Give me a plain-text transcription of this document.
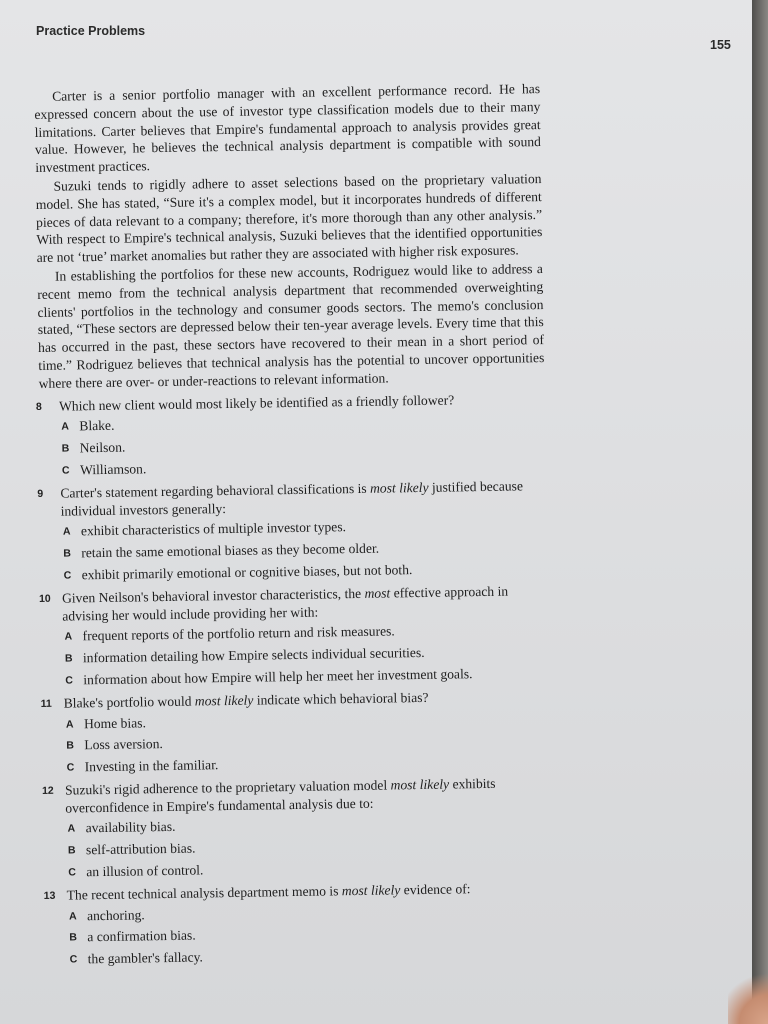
Practice Problems
155

Carter is a senior portfolio manager with an excellent performance record. He has expressed concern about the use of investor type classification models due to their many limitations. Carter believes that Empire's fundamental approach to analysis provides great value. However, he believes the technical analysis department is compatible with sound investment practices.

Suzuki tends to rigidly adhere to asset selections based on the proprietary valuation model. She has stated, “Sure it's a complex model, but it incorporates hundreds of different pieces of data relevant to a company; therefore, it's more thorough than any other analysis.” With respect to Empire's technical analysis, Suzuki believes that the identified opportunities are not ‘true’ market anomalies but rather they are associated with higher risk exposures.

In establishing the portfolios for these new accounts, Rodriguez would like to address a recent memo from the technical analysis department that recommended overweighting clients' portfolios in the technology and consumer goods sectors. The memo's conclusion stated, “These sectors are depressed below their ten-year average levels. Every time that this has occurred in the past, these sectors have recovered to their mean in a short period of time.” Rodriguez believes that technical analysis has the potential to uncover opportunities where there are over- or under-reactions to relevant information.

8 Which new client would most likely be identified as a friendly follower?
A Blake.
B Neilson.
C Williamson.
9 Carter's statement regarding behavioral classifications is most likely justified because individual investors generally:
A exhibit characteristics of multiple investor types.
B retain the same emotional biases as they become older.
C exhibit primarily emotional or cognitive biases, but not both.
10 Given Neilson's behavioral investor characteristics, the most effective approach in advising her would include providing her with:
A frequent reports of the portfolio return and risk measures.
B information detailing how Empire selects individual securities.
C information about how Empire will help her meet her investment goals.
11 Blake's portfolio would most likely indicate which behavioral bias?
A Home bias.
B Loss aversion.
C Investing in the familiar.
12 Suzuki's rigid adherence to the proprietary valuation model most likely exhibits overconfidence in Empire's fundamental analysis due to:
A availability bias.
B self-attribution bias.
C an illusion of control.
13 The recent technical analysis department memo is most likely evidence of:
A anchoring.
B a confirmation bias.
C the gambler's fallacy.
